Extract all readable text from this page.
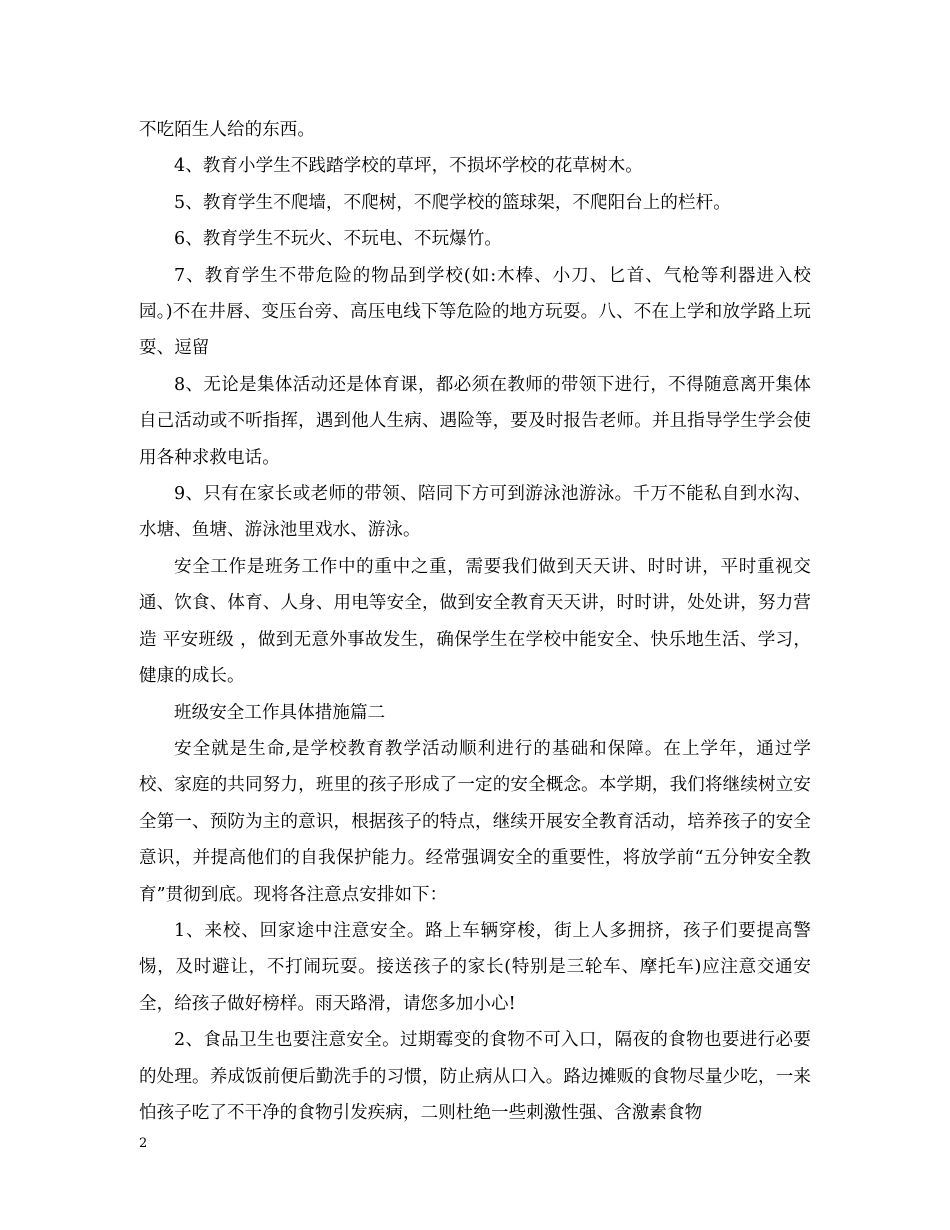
不吃陌生人给的东西。

4、教育小学生不践踏学校的草坪，不损坏学校的花草树木。

5、教育学生不爬墙，不爬树，不爬学校的篮球架，不爬阳台上的栏杆。

6、教育学生不玩火、不玩电、不玩爆竹。

7、教育学生不带危险的物品到学校(如:木棒、小刀、匕首、气枪等利器进入校园。)不在井唇、变压台旁、高压电线下等危险的地方玩耍。八、不在上学和放学路上玩耍、逗留

8、无论是集体活动还是体育课，都必须在教师的带领下进行，不得随意离开集体自己活动或不听指挥，遇到他人生病、遇险等，要及时报告老师。并且指导学生学会使用各种求救电话。

9、只有在家长或老师的带领、陪同下方可到游泳池游泳。千万不能私自到水沟、水塘、鱼塘、游泳池里戏水、游泳。

安全工作是班务工作中的重中之重，需要我们做到天天讲、时时讲，平时重视交通、饮食、体育、人身、用电等安全，做到安全教育天天讲，时时讲，处处讲，努力营造 平安班级 ，做到无意外事故发生，确保学生在学校中能安全、快乐地生活、学习，健康的成长。

班级安全工作具体措施篇二

安全就是生命,是学校教育教学活动顺利进行的基础和保障。在上学年，通过学校、家庭的共同努力，班里的孩子形成了一定的安全概念。本学期，我们将继续树立安全第一、预防为主的意识，根据孩子的特点，继续开展安全教育活动，培养孩子的安全意识，并提高他们的自我保护能力。经常强调安全的重要性，将放学前“五分钟安全教育”贯彻到底。现将各注意点安排如下：

1、来校、回家途中注意安全。路上车辆穿梭，街上人多拥挤，孩子们要提高警惕，及时避让，不打闹玩耍。接送孩子的家长(特别是三轮车、摩托车)应注意交通安全，给孩子做好榜样。雨天路滑，请您多加小心!

2、食品卫生也要注意安全。过期霉变的食物不可入口，隔夜的食物也要进行必要的处理。养成饭前便后勤洗手的习惯，防止病从口入。路边摊贩的食物尽量少吃，一来怕孩子吃了不干净的食物引发疾病，二则杜绝一些刺激性强、含激素食物

2
